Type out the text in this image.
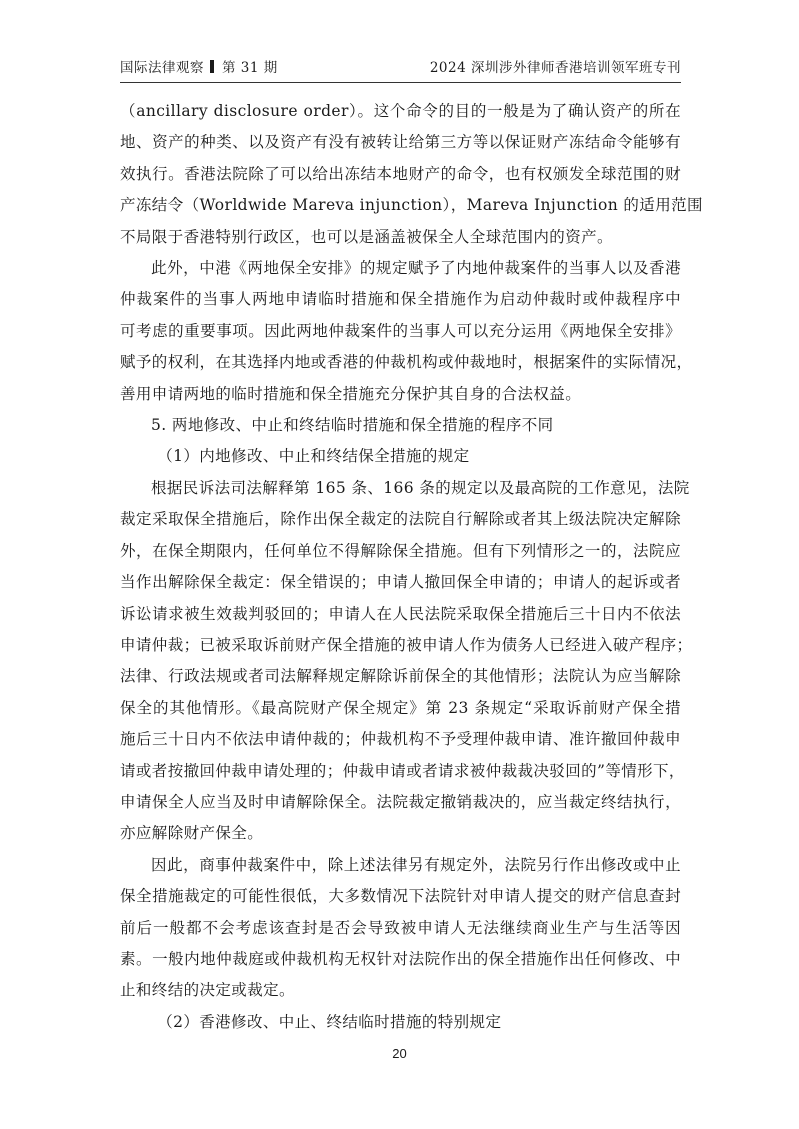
国际法律观察 第 31 期	2024 深圳涉外律师香港培训领军班专刊

（ancillary disclosure order）。这个命令的目的一般是为了确认资产的所在
地、资产的种类、以及资产有没有被转让给第三方等以保证财产冻结命令能够有
效执行。香港法院除了可以给出冻结本地财产的命令，也有权颁发全球范围的财
产冻结令（Worldwide Mareva injunction），Mareva Injunction 的适用范围
不局限于香港特别行政区，也可以是涵盖被保全人全球范围内的资产。

此外，中港《两地保全安排》的规定赋予了内地仲裁案件的当事人以及香港
仲裁案件的当事人两地申请临时措施和保全措施作为启动仲裁时或仲裁程序中
可考虑的重要事项。因此两地仲裁案件的当事人可以充分运用《两地保全安排》
赋予的权利，在其选择内地或香港的仲裁机构或仲裁地时，根据案件的实际情况，
善用申请两地的临时措施和保全措施充分保护其自身的合法权益。

5. 两地修改、中止和终结临时措施和保全措施的程序不同

（1）内地修改、中止和终结保全措施的规定

根据民诉法司法解释第 165 条、166 条的规定以及最高院的工作意见，法院
裁定采取保全措施后，除作出保全裁定的法院自行解除或者其上级法院决定解除
外，在保全期限内，任何单位不得解除保全措施。但有下列情形之一的，法院应
当作出解除保全裁定：保全错误的；申请人撤回保全申请的；申请人的起诉或者
诉讼请求被生效裁判驳回的；申请人在人民法院采取保全措施后三十日内不依法
申请仲裁；已被采取诉前财产保全措施的被申请人作为债务人已经进入破产程序；
法律、行政法规或者司法解释规定解除诉前保全的其他情形；法院认为应当解除
保全的其他情形。《最高院财产保全规定》第 23 条规定“采取诉前财产保全措
施后三十日内不依法申请仲裁的；仲裁机构不予受理仲裁申请、准许撤回仲裁申
请或者按撤回仲裁申请处理的；仲裁申请或者请求被仲裁裁决驳回的”等情形下，
申请保全人应当及时申请解除保全。法院裁定撤销裁决的，应当裁定终结执行，
亦应解除财产保全。

因此，商事仲裁案件中，除上述法律另有规定外，法院另行作出修改或中止
保全措施裁定的可能性很低，大多数情况下法院针对申请人提交的财产信息查封
前后一般都不会考虑该查封是否会导致被申请人无法继续商业生产与生活等因
素。一般内地仲裁庭或仲裁机构无权针对法院作出的保全措施作出任何修改、中
止和终结的决定或裁定。

（2）香港修改、中止、终结临时措施的特别规定

20
